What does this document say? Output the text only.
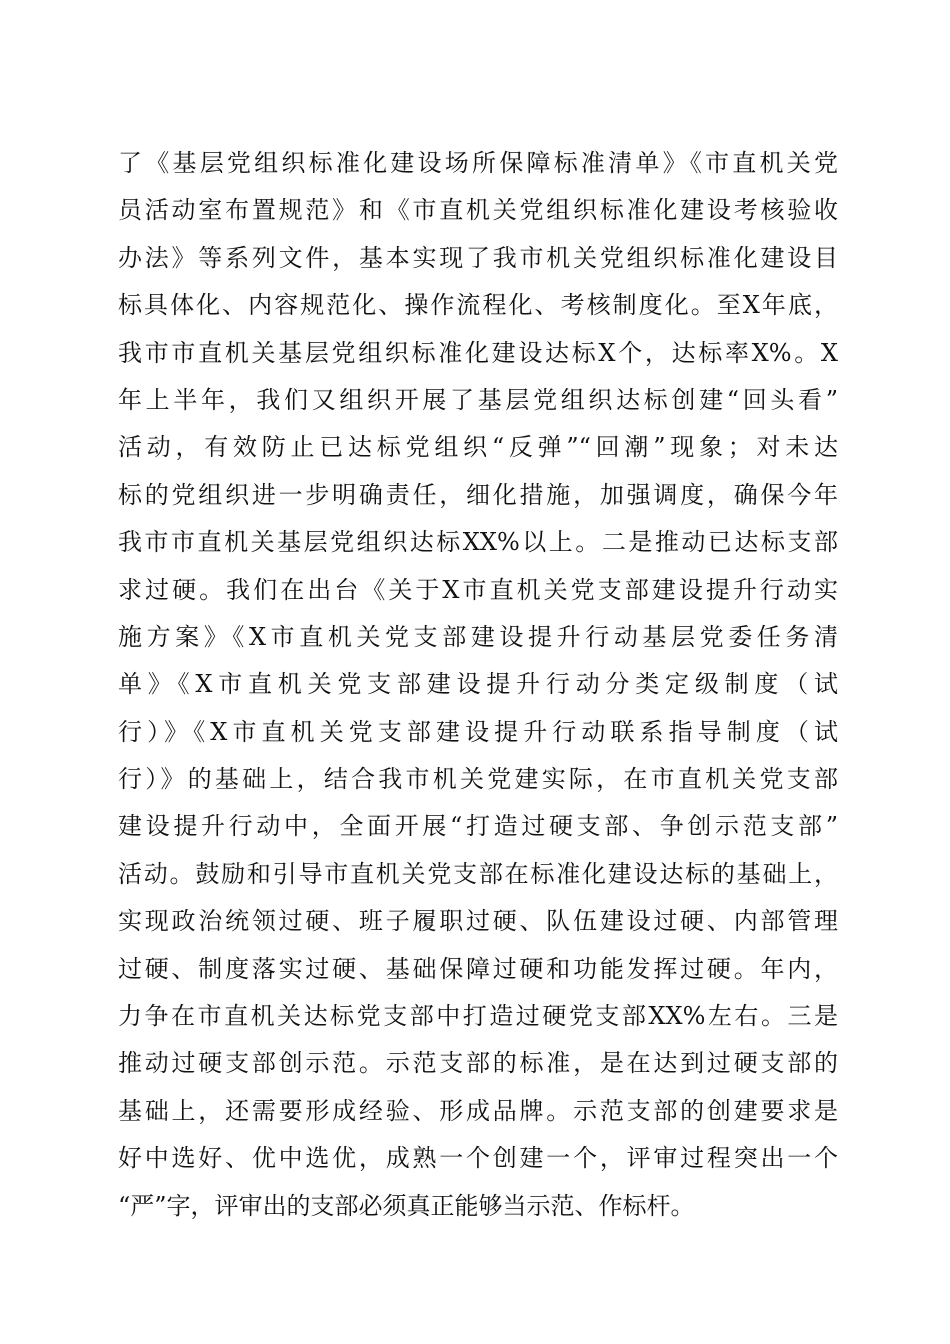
了《基层党组织标准化建设场所保障标准清单》《市直机关党
员活动室布置规范》和《市直机关党组织标准化建设考核验收
办法》等系列文件，基本实现了我市机关党组织标准化建设目
标具体化、内容规范化、操作流程化、考核制度化。至X年底，
我市市直机关基层党组织标准化建设达标X个，达标率X%。X
年上半年，我们又组织开展了基层党组织达标创建“回头看”
活动，有效防止已达标党组织“反弹”“回潮”现象；对未达
标的党组织进一步明确责任，细化措施，加强调度，确保今年
我市市直机关基层党组织达标XX%以上。二是推动已达标支部
求过硬。我们在出台《关于X市直机关党支部建设提升行动实
施方案》《X市直机关党支部建设提升行动基层党委任务清
单》《X市直机关党支部建设提升行动分类定级制度（试
行）》《X市直机关党支部建设提升行动联系指导制度（试
行）》的基础上，结合我市机关党建实际，在市直机关党支部
建设提升行动中，全面开展“打造过硬支部、争创示范支部”
活动。鼓励和引导市直机关党支部在标准化建设达标的基础上，
实现政治统领过硬、班子履职过硬、队伍建设过硬、内部管理
过硬、制度落实过硬、基础保障过硬和功能发挥过硬。年内，
力争在市直机关达标党支部中打造过硬党支部XX%左右。三是
推动过硬支部创示范。示范支部的标准，是在达到过硬支部的
基础上，还需要形成经验、形成品牌。示范支部的创建要求是
好中选好、优中选优，成熟一个创建一个，评审过程突出一个
“严”字，评审出的支部必须真正能够当示范、作标杆。
